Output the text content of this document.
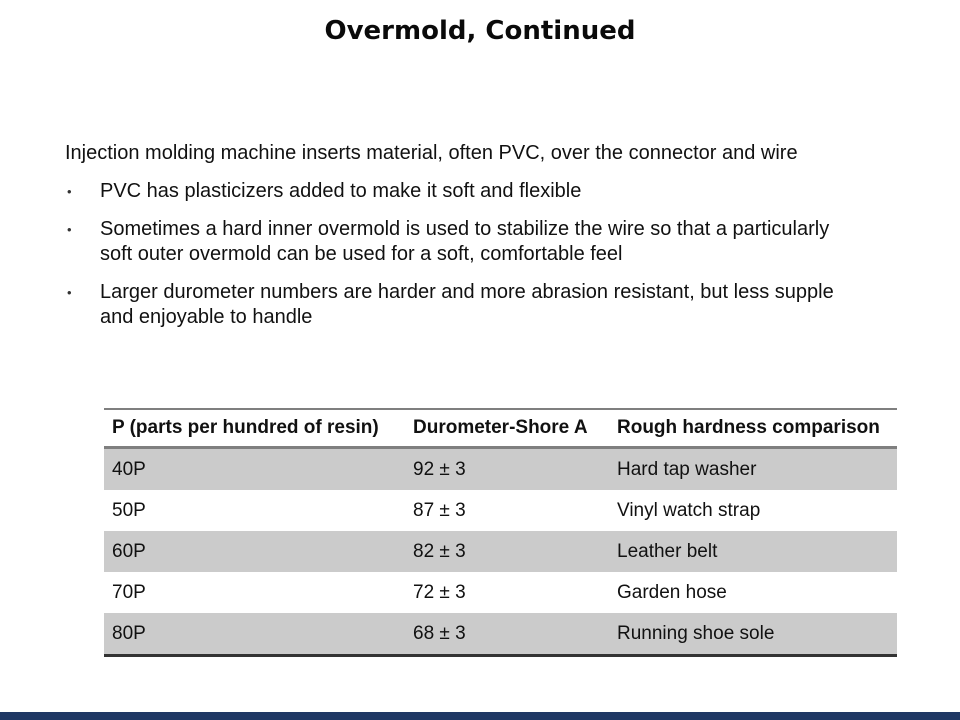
Overmold, Continued

Injection molding machine inserts material, often PVC, over the connector and wire

•	PVC has plasticizers added to make it soft and flexible
•	Sometimes a hard inner overmold is used to stabilize the wire so that a particularly
soft outer overmold can be used for a soft, comfortable feel
•	Larger durometer numbers are harder and more abrasion resistant, but less supple
and enjoyable to handle
P (parts per hundred of resin)	Durometer-Shore A	Rough hardness comparison
40P	92 ± 3	Hard tap washer
50P	87 ± 3	Vinyl watch strap
60P	82 ± 3	Leather belt
70P	72 ± 3	Garden hose
80P	68 ± 3	Running shoe sole
